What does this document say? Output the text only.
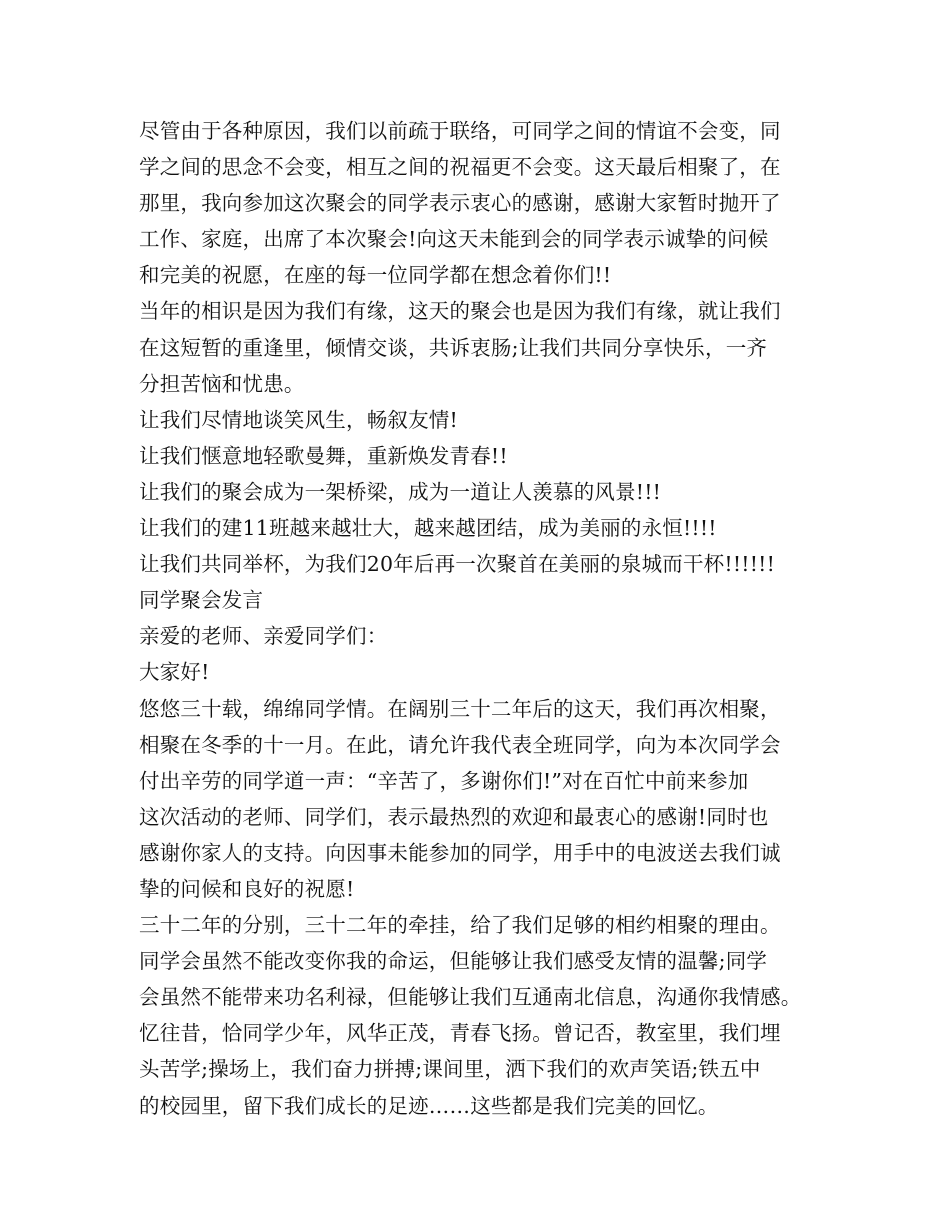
尽管由于各种原因，我们以前疏于联络，可同学之间的情谊不会变，同
学之间的思念不会变，相互之间的祝福更不会变。这天最后相聚了，在
那里，我向参加这次聚会的同学表示衷心的感谢，感谢大家暂时抛开了
工作、家庭，出席了本次聚会!向这天未能到会的同学表示诚挚的问候
和完美的祝愿，在座的每一位同学都在想念着你们!!
当年的相识是因为我们有缘，这天的聚会也是因为我们有缘，就让我们
在这短暂的重逢里，倾情交谈，共诉衷肠;让我们共同分享快乐，一齐
分担苦恼和忧患。
让我们尽情地谈笑风生，畅叙友情!
让我们惬意地轻歌曼舞，重新焕发青春!!
让我们的聚会成为一架桥梁，成为一道让人羡慕的风景!!!
让我们的建11班越来越壮大，越来越团结，成为美丽的永恒!!!!
让我们共同举杯，为我们20年后再一次聚首在美丽的泉城而干杯!!!!!!
同学聚会发言
亲爱的老师、亲爱同学们：
大家好!
悠悠三十载，绵绵同学情。在阔别三十二年后的这天，我们再次相聚，
相聚在冬季的十一月。在此，请允许我代表全班同学，向为本次同学会
付出辛劳的同学道一声：“辛苦了，多谢你们!”对在百忙中前来参加
这次活动的老师、同学们，表示最热烈的欢迎和最衷心的感谢!同时也
感谢你家人的支持。向因事未能参加的同学，用手中的电波送去我们诚
挚的问候和良好的祝愿!
三十二年的分别，三十二年的牵挂，给了我们足够的相约相聚的理由。
同学会虽然不能改变你我的命运，但能够让我们感受友情的温馨;同学
会虽然不能带来功名利禄，但能够让我们互通南北信息，沟通你我情感。
忆往昔，恰同学少年，风华正茂，青春飞扬。曾记否，教室里，我们埋
头苦学;操场上，我们奋力拼搏;课间里，洒下我们的欢声笑语;铁五中
的校园里，留下我们成长的足迹……这些都是我们完美的回忆。
